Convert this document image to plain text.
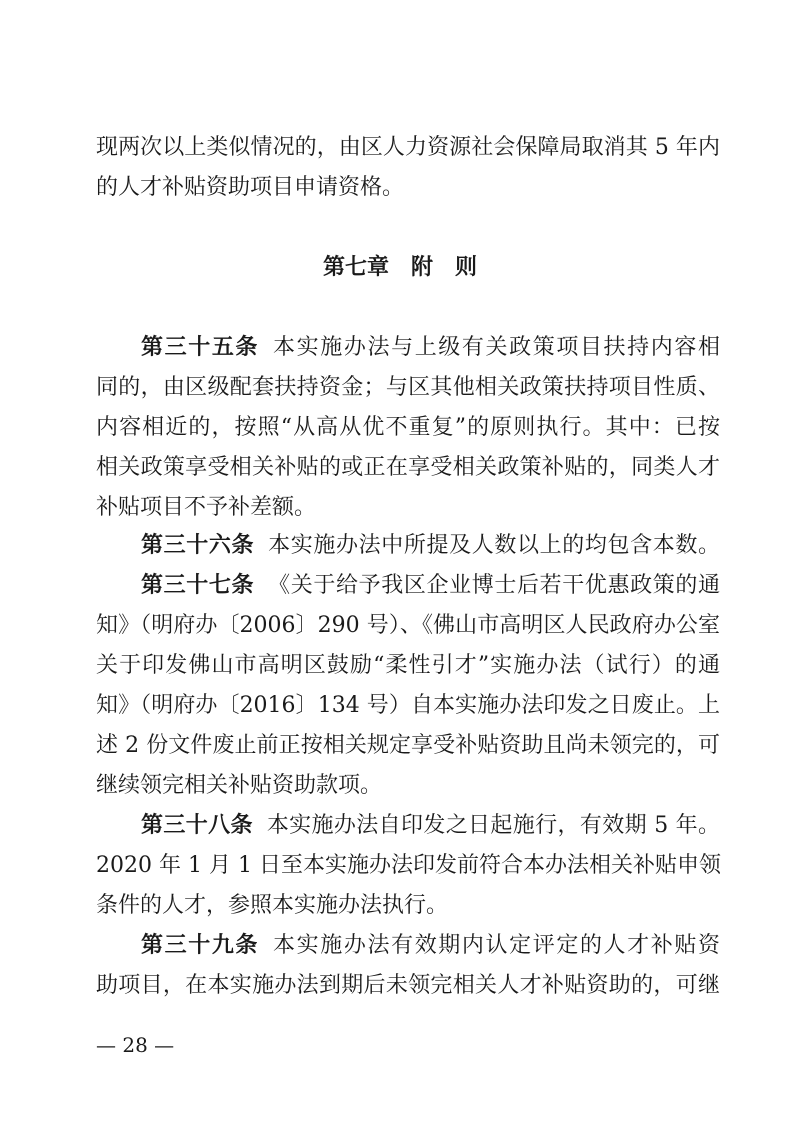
现两次以上类似情况的，由区人力资源社会保障局取消其 5 年内
的人才补贴资助项目申请资格。
第七章　附　则
第三十五条 本实施办法与上级有关政策项目扶持内容相
同的，由区级配套扶持资金；与区其他相关政策扶持项目性质、
内容相近的，按照“从高从优不重复”的原则执行。其中：已按
相关政策享受相关补贴的或正在享受相关政策补贴的，同类人才
补贴项目不予补差额。
第三十六条 本实施办法中所提及人数以上的均包含本数。
第三十七条 《关于给予我区企业博士后若干优惠政策的通
知》（明府办〔2006〕290 号）、《佛山市高明区人民政府办公室
关于印发佛山市高明区鼓励“柔性引才”实施办法（试行）的通
知》（明府办〔2016〕134 号）自本实施办法印发之日废止。上
述 2 份文件废止前正按相关规定享受补贴资助且尚未领完的，可
继续领完相关补贴资助款项。
第三十八条 本实施办法自印发之日起施行，有效期 5 年。
2020 年 1 月 1 日至本实施办法印发前符合本办法相关补贴申领
条件的人才，参照本实施办法执行。
第三十九条 本实施办法有效期内认定评定的人才补贴资
助项目，在本实施办法到期后未领完相关人才补贴资助的，可继
— 28 —
